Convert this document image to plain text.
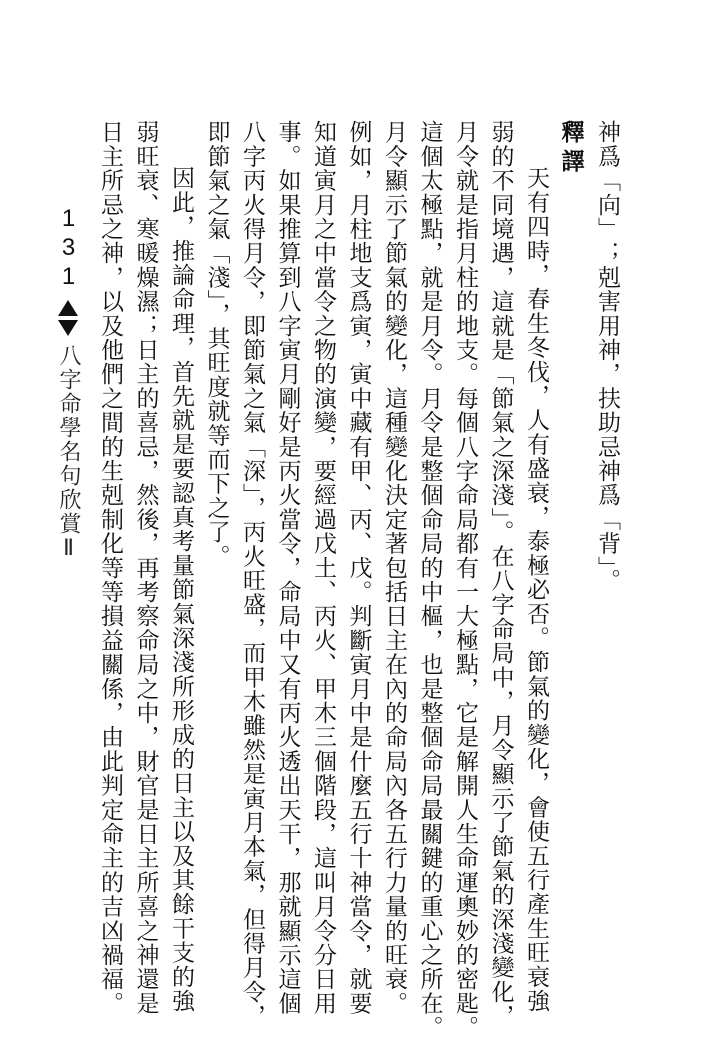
神爲「向」；剋害用神，扶助忌神爲「背」。

釋譯

天有四時，春生冬伐，人有盛衰，泰極必否。節氣的變化，會使五行產生旺衰強

弱的不同境遇，這就是「節氣之深淺」。在八字命局中，月令顯示了節氣的深淺變化，

月令就是指月柱的地支。每個八字命局都有一大極點，它是解開人生命運奧妙的密匙。

這個太極點，就是月令。月令是整個命局的中樞，也是整個命局最關鍵的重心之所在。

月令顯示了節氣的變化，這種變化決定著包括日主在內的命局內各五行力量的旺衰。

例如，月柱地支爲寅，寅中藏有甲、丙、戊。判斷寅月中是什麼五行十神當令，就要

知道寅月之中當令之物的演變，要經過戊土、丙火、甲木三個階段，這叫月令分日用

事。如果推算到八字寅月剛好是丙火當令，命局中又有丙火透出天干，那就顯示這個

八字丙火得月令，即節氣之氣「深」，丙火旺盛，而甲木雖然是寅月本氣，但得月令，

即節氣之氣「淺」，其旺度就等而下之了。

因此，推論命理，首先就是要認真考量節氣深淺所形成的日主以及其餘干支的強

弱旺衰、寒暖燥濕；日主的喜忌，然後，再考察命局之中，財官是日主所喜之神還是

日主所忌之神，以及他們之間的生剋制化等等損益關係，由此判定命主的吉凶禍福。

131
八字命學名句欣賞Ⅱ
